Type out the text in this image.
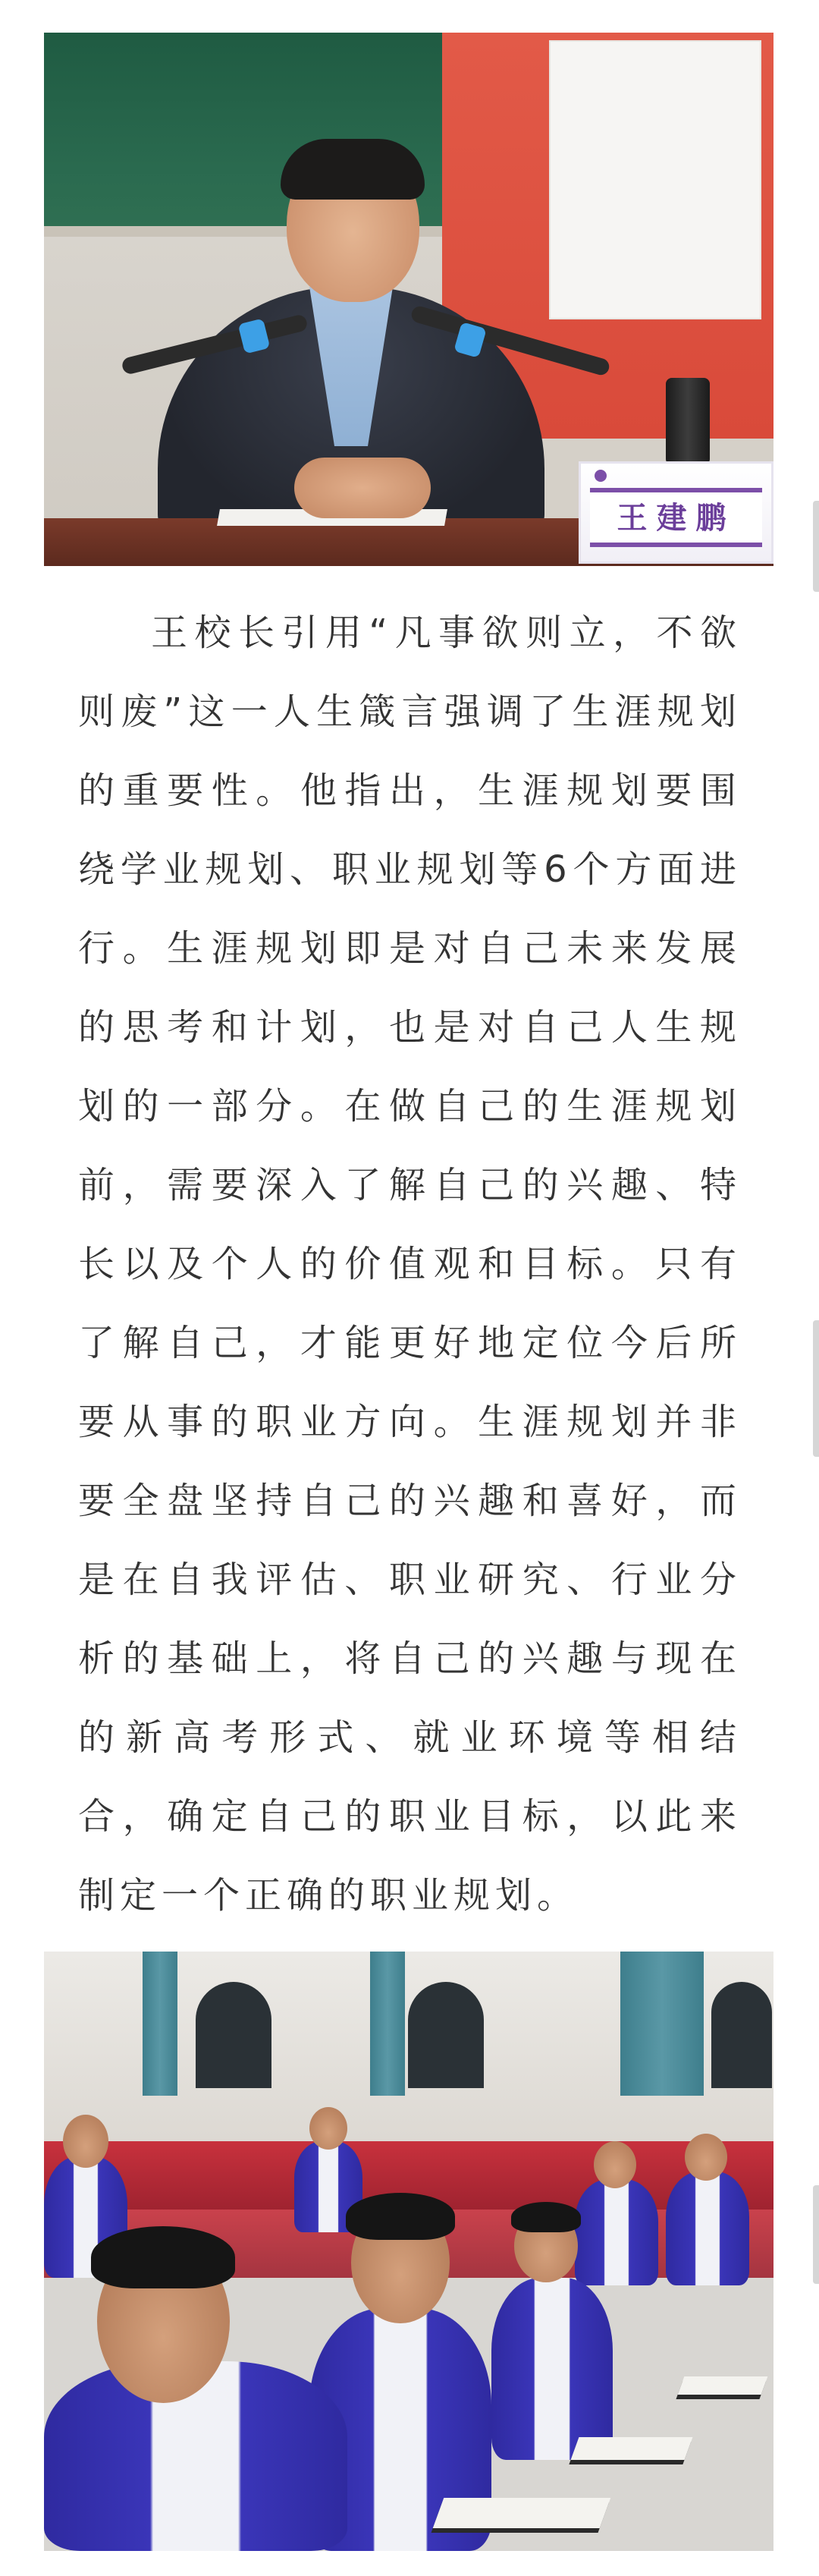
王建鹏

王校长引用“凡事欲则立，不欲则废”这一人生箴言强调了生涯规划的重要性。他指出，生涯规划要围绕学业规划、职业规划等6个方面进行。生涯规划即是对自己未来发展的思考和计划，也是对自己人生规划的一部分。在做自己的生涯规划前，需要深入了解自己的兴趣、特长以及个人的价值观和目标。只有了解自己，才能更好地定位今后所要从事的职业方向。生涯规划并非要全盘坚持自己的兴趣和喜好，而是在自我评估、职业研究、行业分析的基础上，将自己的兴趣与现在的新高考形式、就业环境等相结合，确定自己的职业目标，以此来制定一个正确的职业规划。
